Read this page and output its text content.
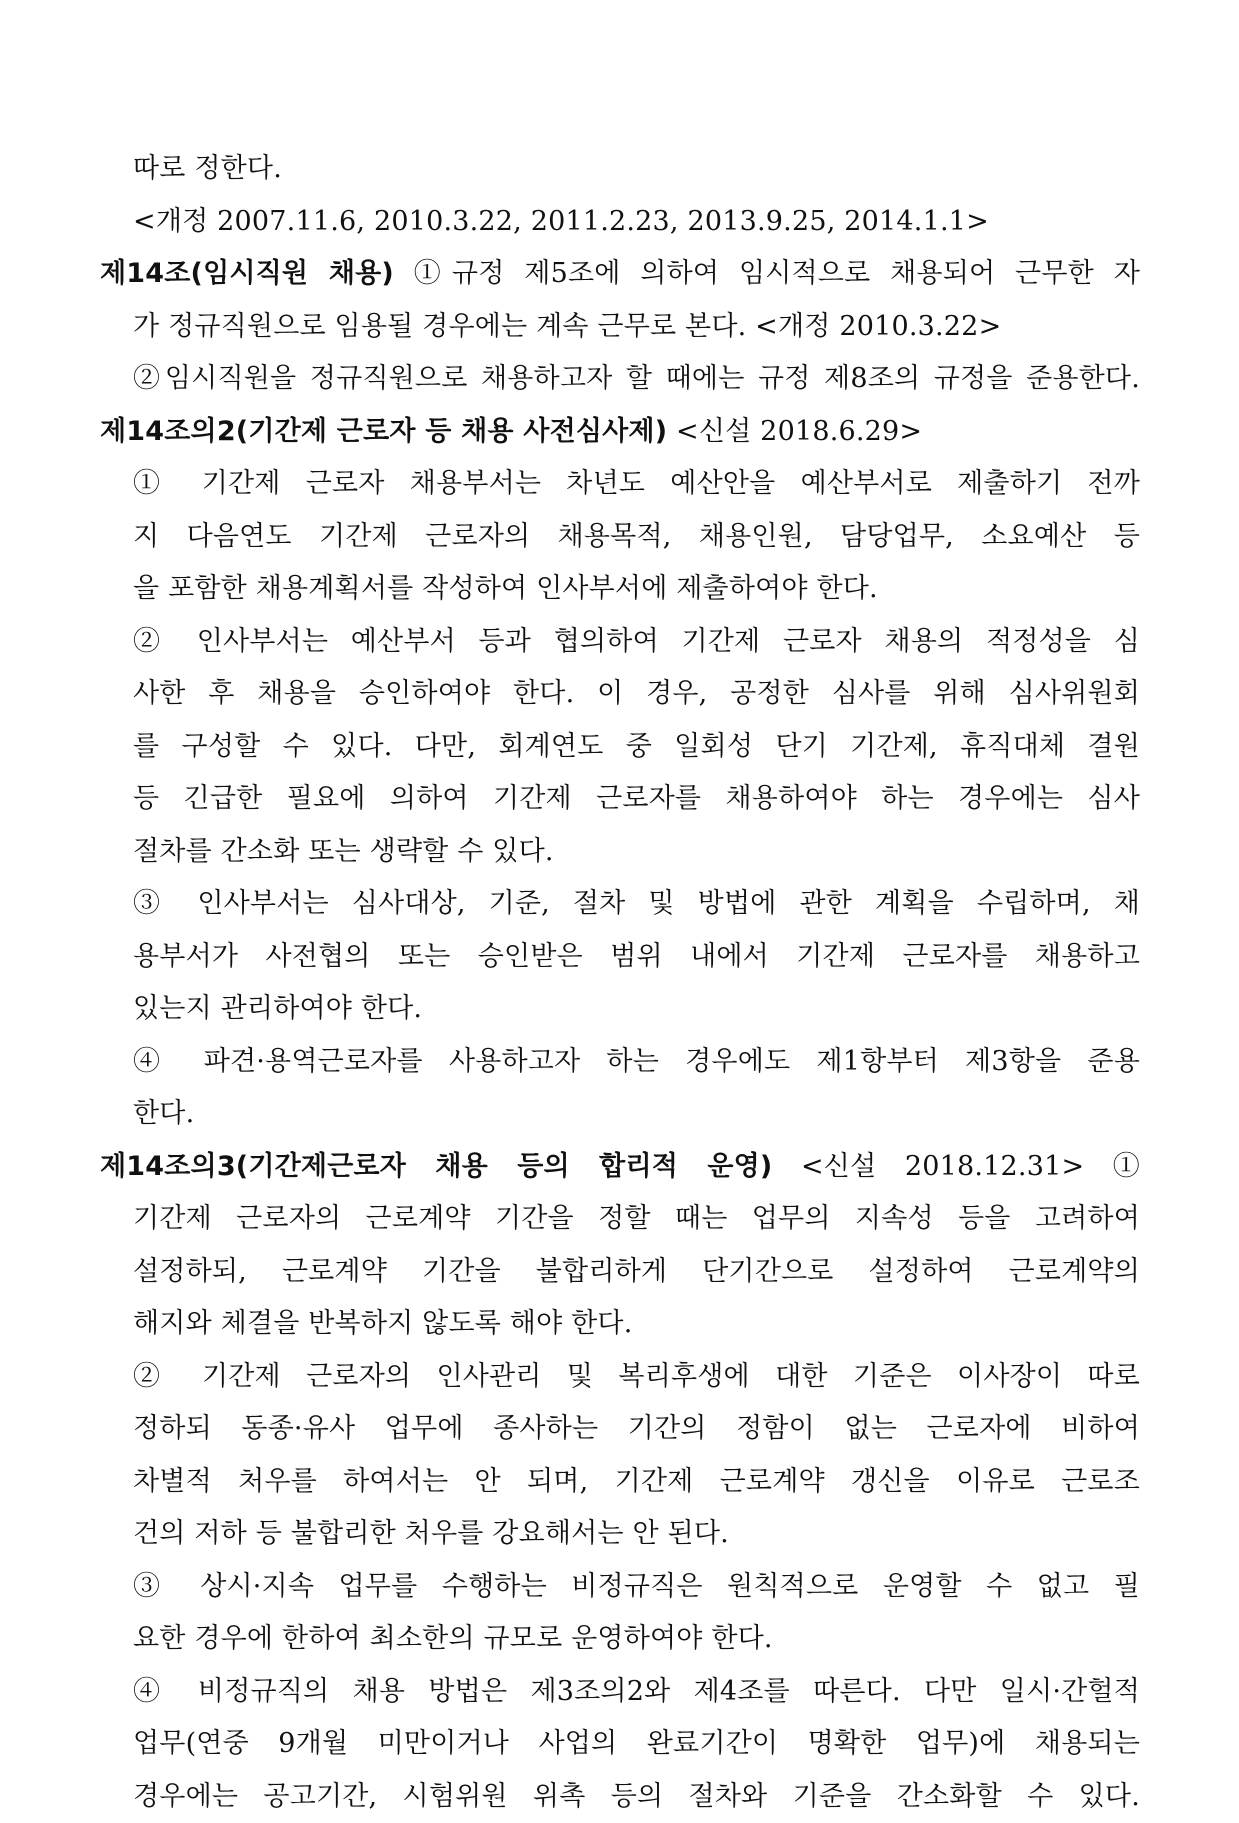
따로 정한다.
<개정 2007.11.6, 2010.3.22, 2011.2.23, 2013.9.25, 2014.1.1>
제14조(임시직원 채용) ①규정 제5조에 의하여 임시적으로 채용되어 근무한 자
가 정규직원으로 임용될 경우에는 계속 근무로 본다. <개정 2010.3.22>
②임시직원을 정규직원으로 채용하고자 할 때에는 규정 제8조의 규정을 준용한다.
제14조의2(기간제 근로자 등 채용 사전심사제) <신설 2018.6.29>
① 기간제 근로자 채용부서는 차년도 예산안을 예산부서로 제출하기 전까
지 다음연도 기간제 근로자의 채용목적, 채용인원, 담당업무, 소요예산 등
을 포함한 채용계획서를 작성하여 인사부서에 제출하여야 한다.
② 인사부서는 예산부서 등과 협의하여 기간제 근로자 채용의 적정성을 심
사한 후 채용을 승인하여야 한다. 이 경우, 공정한 심사를 위해 심사위원회
를 구성할 수 있다. 다만, 회계연도 중 일회성 단기 기간제, 휴직대체 결원
등 긴급한 필요에 의하여 기간제 근로자를 채용하여야 하는 경우에는 심사
절차를 간소화 또는 생략할 수 있다.
③ 인사부서는 심사대상, 기준, 절차 및 방법에 관한 계획을 수립하며, 채
용부서가 사전협의 또는 승인받은 범위 내에서 기간제 근로자를 채용하고
있는지 관리하여야 한다.
④ 파견·용역근로자를 사용하고자 하는 경우에도 제1항부터 제3항을 준용
한다.
제14조의3(기간제근로자 채용 등의 합리적 운영) <신설 2018.12.31> ①
기간제 근로자의 근로계약 기간을 정할 때는 업무의 지속성 등을 고려하여
설정하되, 근로계약 기간을 불합리하게 단기간으로 설정하여 근로계약의
해지와 체결을 반복하지 않도록 해야 한다.
② 기간제 근로자의 인사관리 및 복리후생에 대한 기준은 이사장이 따로
정하되 동종·유사 업무에 종사하는 기간의 정함이 없는 근로자에 비하여
차별적 처우를 하여서는 안 되며, 기간제 근로계약 갱신을 이유로 근로조
건의 저하 등 불합리한 처우를 강요해서는 안 된다.
③ 상시·지속 업무를 수행하는 비정규직은 원칙적으로 운영할 수 없고 필
요한 경우에 한하여 최소한의 규모로 운영하여야 한다.
④ 비정규직의 채용 방법은 제3조의2와 제4조를 따른다. 다만 일시·간헐적
업무(연중 9개월 미만이거나 사업의 완료기간이 명확한 업무)에 채용되는
경우에는 공고기간, 시험위원 위촉 등의 절차와 기준을 간소화할 수 있다.
